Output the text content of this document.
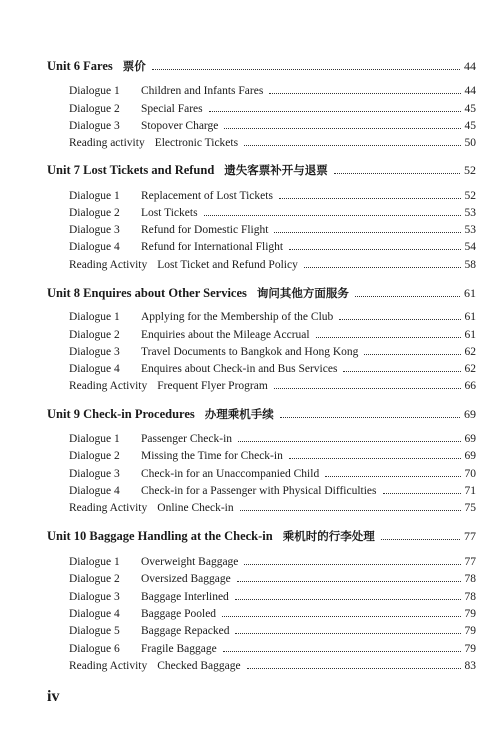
Unit 6 Fares 票价	44
Dialogue 1	Children and Infants Fares	44
Dialogue 2	Special Fares	45
Dialogue 3	Stopover Charge	45
Reading activity Electronic Tickets	50
Unit 7 Lost Tickets and Refund 遗失客票补开与退票	52
Dialogue 1	Replacement of Lost Tickets	52
Dialogue 2	Lost Tickets	53
Dialogue 3	Refund for Domestic Flight	53
Dialogue 4	Refund for International Flight	54
Reading Activity Lost Ticket and Refund Policy	58
Unit 8 Enquires about Other Services 询问其他方面服务	61
Dialogue 1	Applying for the Membership of the Club	61
Dialogue 2	Enquiries about the Mileage Accrual	61
Dialogue 3	Travel Documents to Bangkok and Hong Kong	62
Dialogue 4	Enquires about Check-in and Bus Services	62
Reading Activity Frequent Flyer Program	66
Unit 9 Check-in Procedures 办理乘机手续	69
Dialogue 1	Passenger Check-in	69
Dialogue 2	Missing the Time for Check-in	69
Dialogue 3	Check-in for an Unaccompanied Child	70
Dialogue 4	Check-in for a Passenger with Physical Difficulties	71
Reading Activity Online Check-in	75
Unit 10 Baggage Handling at the Check-in 乘机时的行李处理	77
Dialogue 1	Overweight Baggage	77
Dialogue 2	Oversized Baggage	78
Dialogue 3	Baggage Interlined	78
Dialogue 4	Baggage Pooled	79
Dialogue 5	Baggage Repacked	79
Dialogue 6	Fragile Baggage	79
Reading Activity Checked Baggage	83
iv
